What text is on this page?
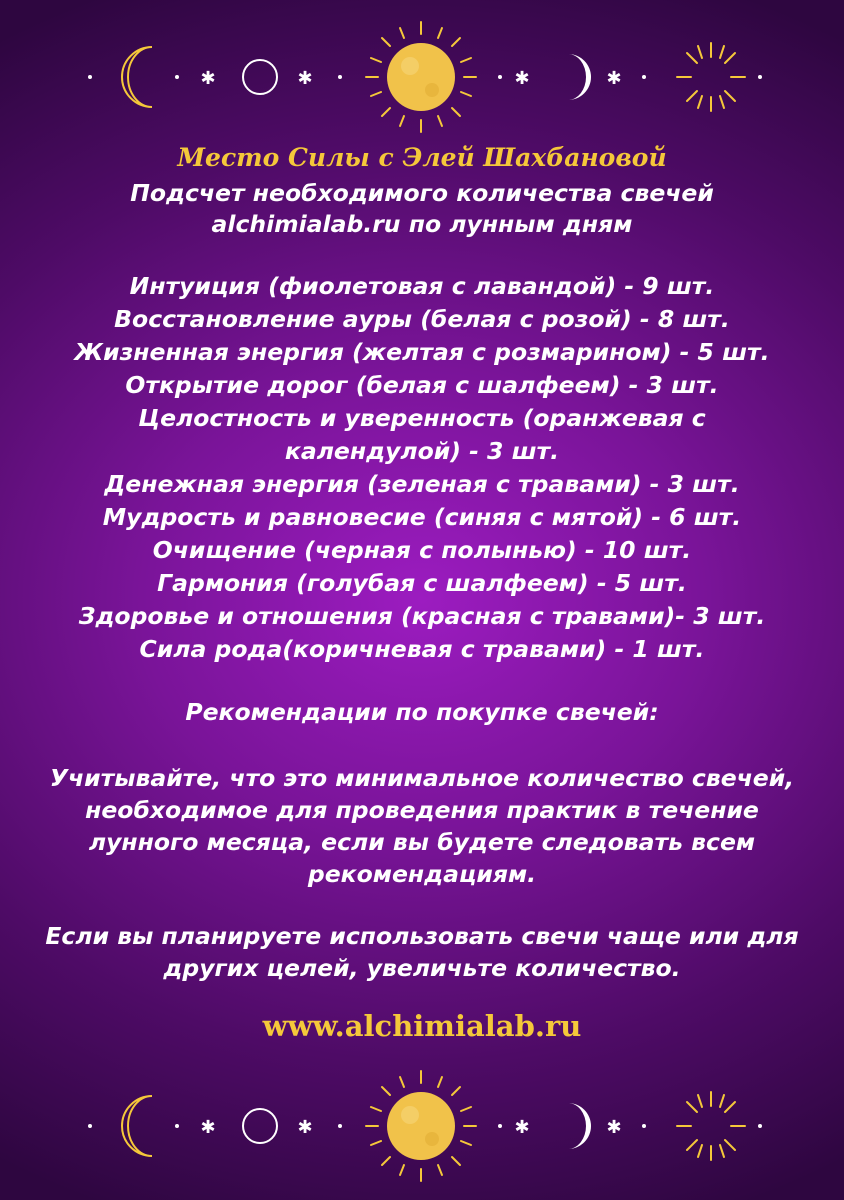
✱	✱	✱	✱
Место Силы с Элей Шахбановой
Подсчет необходимого количества свечей
alchimialab.ru по лунным дням
Интуиция (фиолетовая с лавандой) - 9 шт.
Восстановление ауры (белая с розой) - 8 шт.
Жизненная энергия (желтая с розмарином) - 5 шт.
Открытие дорог (белая с шалфеем) - 3 шт.
Целостность и уверенность (оранжевая с календулой) - 3 шт.
Денежная энергия (зеленая с травами) - 3 шт.
Мудрость и равновесие (синяя с мятой) - 6 шт.
Очищение (черная с полынью) - 10 шт.
Гармония (голубая с шалфеем) - 5 шт.
Здоровье и отношения (красная с травами)- 3 шт.
Сила рода(коричневая с травами) - 1 шт.
Рекомендации по покупке свечей:
Учитывайте, что это минимальное количество свечей, необходимое для проведения практик в течение лунного месяца, если вы будете следовать всем рекомендациям.
Если вы планируете использовать свечи чаще или для других целей, увеличьте количество.
www.alchimialab.ru
✱	✱	✱	✱
